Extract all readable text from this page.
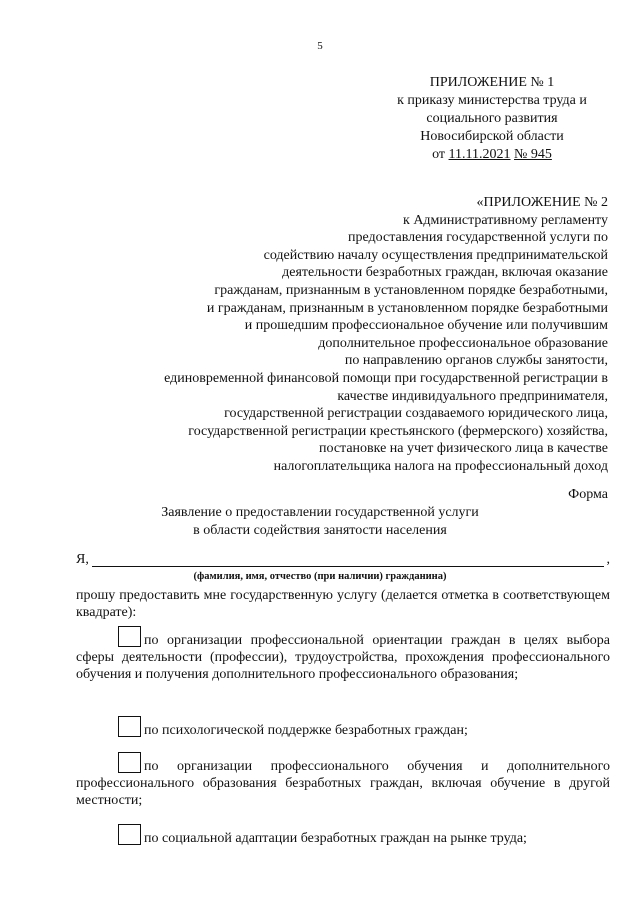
5
ПРИЛОЖЕНИЕ № 1
к приказу министерства труда и
социального развития
Новосибирской области
от 11.11.2021 № 945
«ПРИЛОЖЕНИЕ № 2
к Административному регламенту
предоставления государственной услуги по
содействию началу осуществления предпринимательской
деятельности безработных граждан, включая оказание
гражданам, признанным в установленном порядке безработными,
и гражданам, признанным в установленном порядке безработными
и прошедшим профессиональное обучение или получившим
дополнительное профессиональное образование
по направлению органов службы занятости,
единовременной финансовой помощи при государственной регистрации в
качестве индивидуального предпринимателя,
государственной регистрации создаваемого юридического лица,
государственной регистрации крестьянского (фермерского) хозяйства,
постановке на учет физического лица в качестве
налогоплательщика налога на профессиональный доход
Форма
Заявление о предоставлении государственной услуги
в области содействия занятости населения
Я,	,
(фамилия, имя, отчество (при наличии) гражданина)
прошу предоставить мне государственную услугу (делается отметка в соответствующем квадрате):
по организации профессиональной ориентации граждан в целях выбора сферы деятельности (профессии), трудоустройства, прохождения профессионального обучения и получения дополнительного профессионального образования;
по психологической поддержке безработных граждан;
по организации профессионального обучения и дополнительного профессионального образования безработных граждан, включая обучение в другой местности;
по социальной адаптации безработных граждан на рынке труда;
